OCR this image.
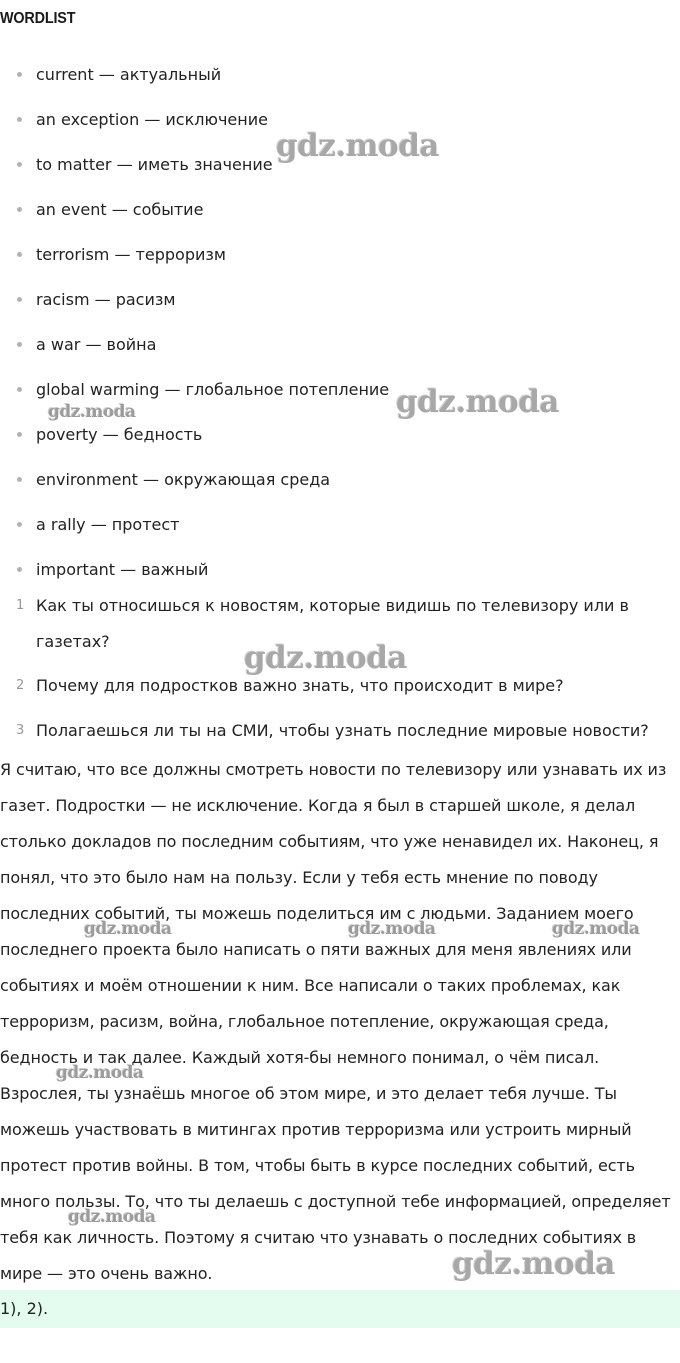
WORDLIST
current — актуальный
an exception — исключение
to matter — иметь значение
an event — событие
terrorism — терроризм
racism — расизм
a war — война
global warming — глобальное потепление
poverty — бедность
environment — окружающая среда
a rally — протест
important — важный
1 Как ты относишься к новостям, которые видишь по телевизору или в газетах?
2 Почему для подростков важно знать, что происходит в мире?
3 Полагаешься ли ты на СМИ, чтобы узнать последние мировые новости?

Я считаю, что все должны смотреть новости по телевизору или узнавать их из газет. Подростки — не исключение. Когда я был в старшей школе, я делал столько докладов по последним событиям, что уже ненавидел их. Наконец, я понял, что это было нам на пользу. Если у тебя есть мнение по поводу последних событий, ты можешь поделиться им с людьми. Заданием моего последнего проекта было написать о пяти важных для меня явлениях или событиях и моём отношении к ним. Все написали о таких проблемах, как терроризм, расизм, война, глобальное потепление, окружающая среда, бедность и так далее. Каждый хотя-бы немного понимал, о чём писал. Взрослея, ты узнаёшь многое об этом мире, и это делает тебя лучше. Ты можешь участвовать в митингах против терроризма или устроить мирный протест против войны. В том, чтобы быть в курсе последних событий, есть много пользы. То, что ты делаешь с доступной тебе информацией, определяет тебя как личность. Поэтому я считаю что узнавать о последних событиях в мире — это очень важно.

1), 2).
gdz.moda
gdz.moda	gdz.moda
gdz.moda
gdz.moda	gdz.moda	gdz.moda
gdz.moda
gdz.moda
gdz.moda
